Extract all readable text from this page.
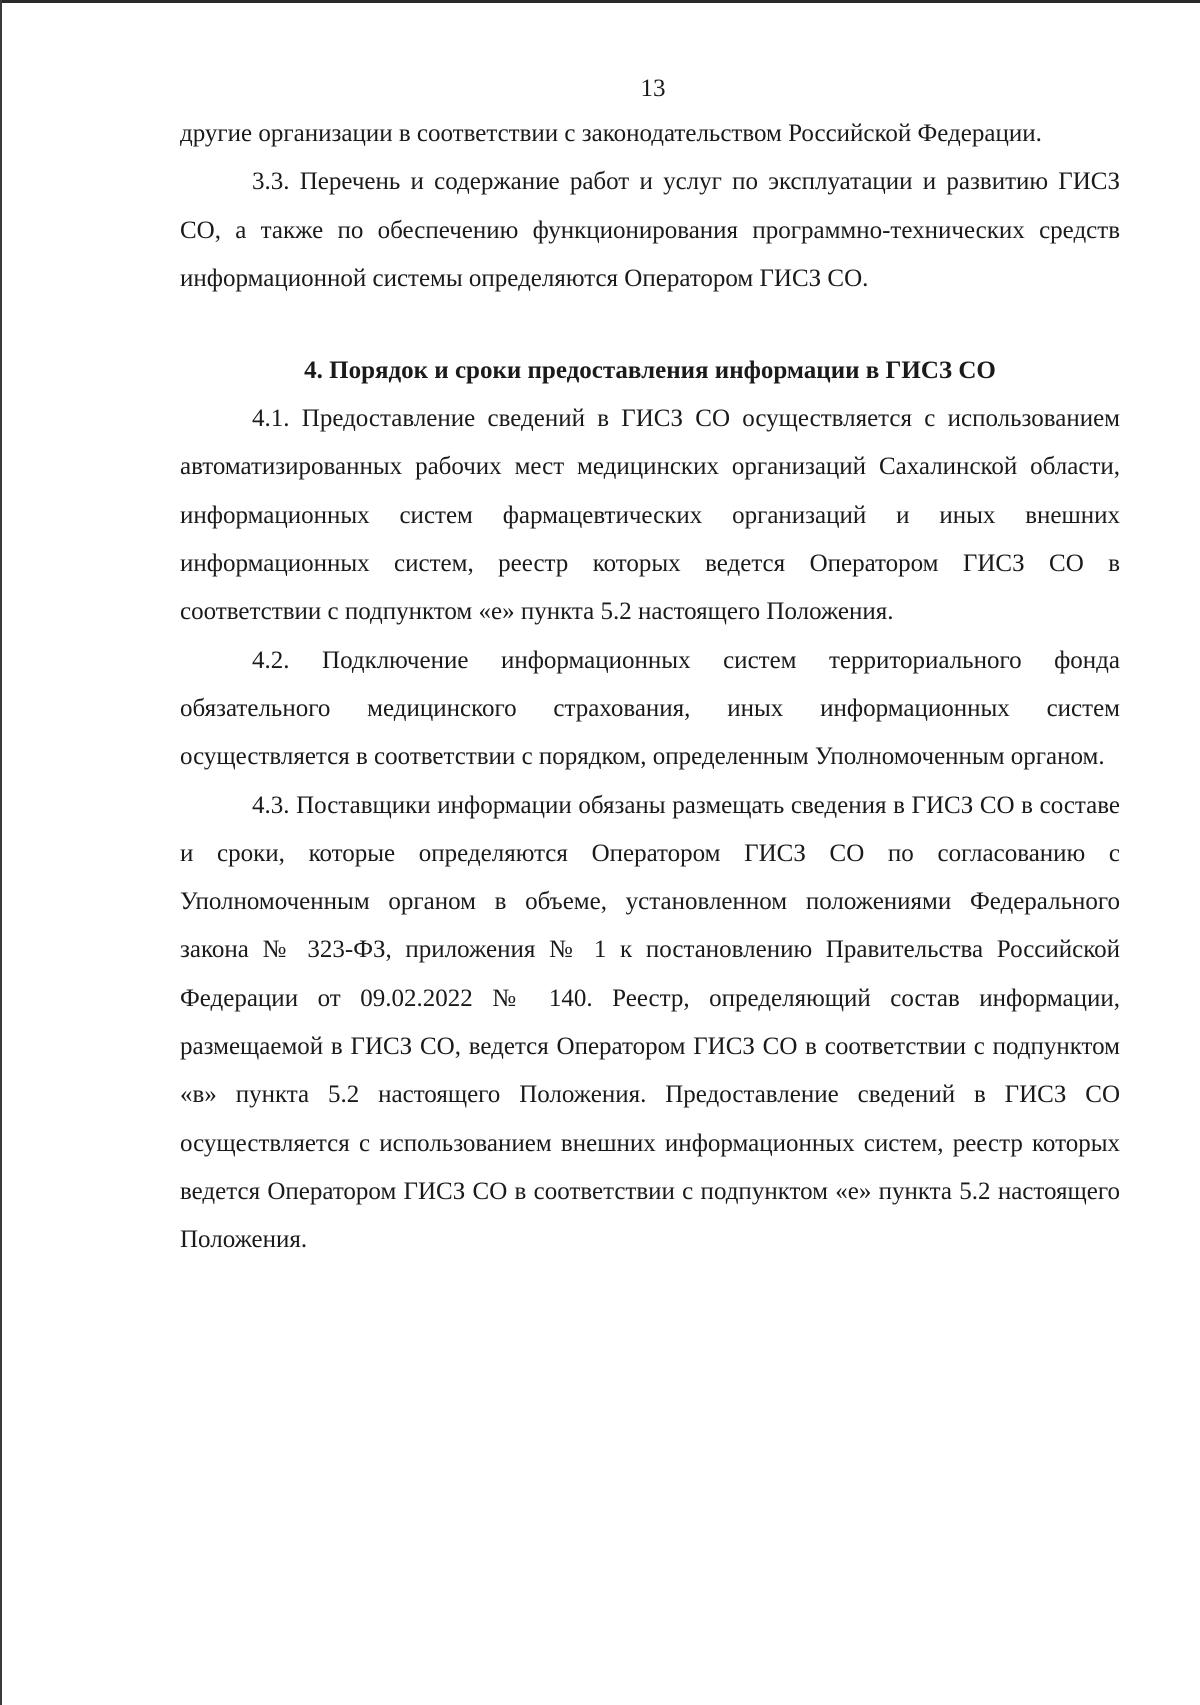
13

другие организации в соответствии с законодательством Российской Федерации.

3.3. Перечень и содержание работ и услуг по эксплуатации и развитию ГИСЗ СО, а также по обеспечению функционирования программно-технических средств информационной системы определяются Оператором ГИСЗ СО.

4. Порядок и сроки предоставления информации в ГИСЗ СО

4.1. Предоставление сведений в ГИСЗ СО осуществляется с использованием автоматизированных рабочих мест медицинских организаций Сахалинской области, информационных систем фармацевтических организаций и иных внешних информационных систем, реестр которых ведется Оператором ГИСЗ СО в соответствии с подпунктом «е» пункта 5.2 настоящего Положения.

4.2. Подключение информационных систем территориального фонда обязательного медицинского страхования, иных информационных систем осуществляется в соответствии с порядком, определенным Уполномоченным органом.

4.3. Поставщики информации обязаны размещать сведения в ГИСЗ СО в составе и сроки, которые определяются Оператором ГИСЗ СО по согласованию с Уполномоченным органом в объеме, установленном положениями Федерального закона № 323-ФЗ, приложения № 1 к постановлению Правительства Российской Федерации от 09.02.2022 № 140. Реестр, определяющий состав информации, размещаемой в ГИСЗ СО, ведется Оператором ГИСЗ СО в соответствии с подпунктом «в» пункта 5.2 настоящего Положения. Предоставление сведений в ГИСЗ СО осуществляется с использованием внешних информационных систем, реестр которых ведется Оператором ГИСЗ СО в соответствии с подпунктом «е» пункта 5.2 настоящего Положения.
